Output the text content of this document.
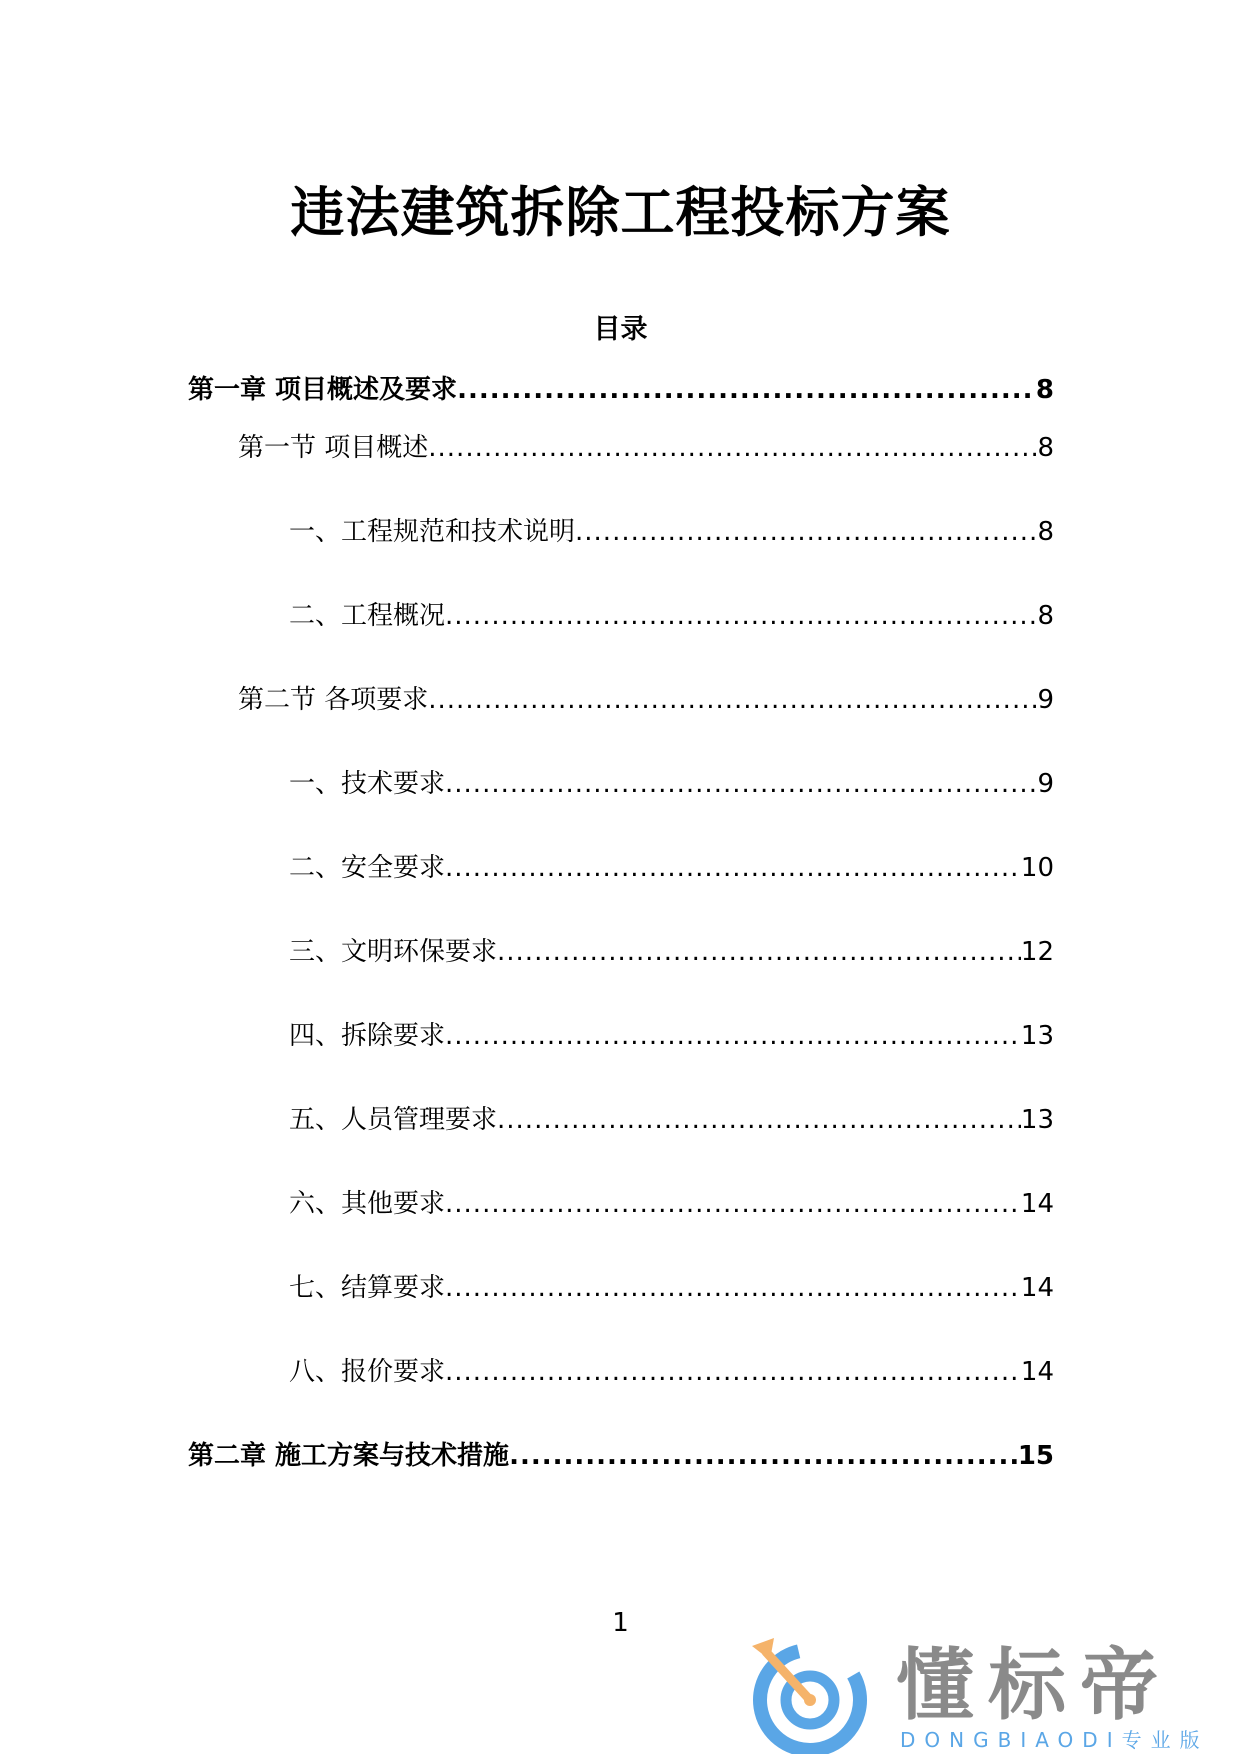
违法建筑拆除工程投标方案
目录
第一章 项目概述及要求 .....	8
第一节 项目概述 .....	8
一、工程规范和技术说明 .....	8
二、工程概况 .....	8
第二节 各项要求 .....	9
一、技术要求 .....	9
二、安全要求 .....	10
三、文明环保要求 .....	12
四、拆除要求 .....	13
五、人员管理要求 .....	13
六、其他要求 .....	14
七、结算要求 .....	14
八、报价要求 .....	14
第二章 施工方案与技术措施 .....	15
1
懂标帝
DONGBIAODI专业版
